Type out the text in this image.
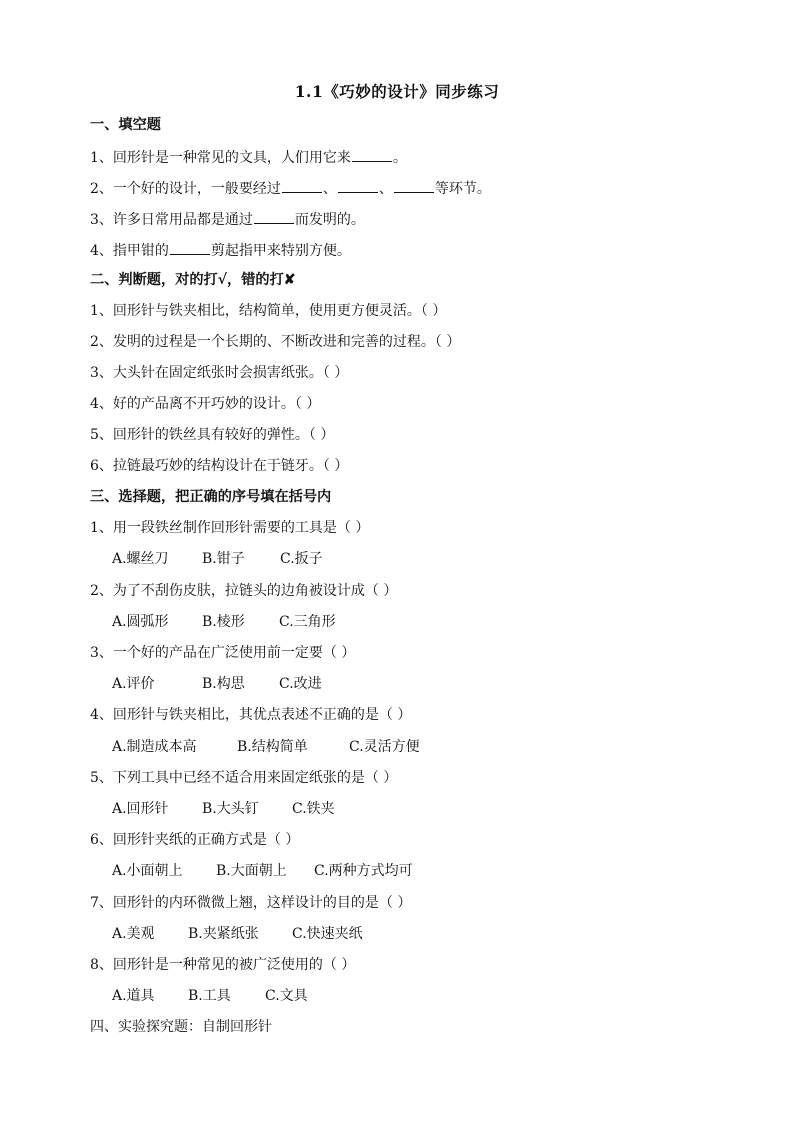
1.1《巧妙的设计》同步练习
一、填空题
1、回形针是一种常见的文具，人们用它来	。
2、一个好的设计，一般要经过	、	、	等环节。
3、许多日常用品都是通过	而发明的。
4、指甲钳的	剪起指甲来特别方便。
二、判断题，对的打√，错的打✘
1、回形针与铁夹相比，结构简单，使用更方便灵活。（ ）
2、发明的过程是一个长期的、不断改进和完善的过程。（ ）
3、大头针在固定纸张时会损害纸张。（ ）
4、好的产品离不开巧妙的设计。（ ）
5、回形针的铁丝具有较好的弹性。（ ）
6、拉链最巧妙的结构设计在于链牙。（ ）
三、选择题，把正确的序号填在括号内
1、用一段铁丝制作回形针需要的工具是（ ）
A.螺丝刀 B.钳子	C.扳子
2、为了不刮伤皮肤，拉链头的边角被设计成（ ）
A.圆弧形 B.棱形 C.三角形
3、一个好的产品在广泛使用前一定要（ ）
A.评价	B.构思 C.改进
4、回形针与铁夹相比，其优点表述不正确的是（ ）
A.制造成本高	B.结构简单	C.灵活方便
5、下列工具中已经不适合用来固定纸张的是（ ）
A.回形针 B.大头钉 C.铁夹
6、回形针夹纸的正确方式是（ ）
A.小面朝上 B.大面朝上 C.两种方式均可
7、回形针的内环微微上翘，这样设计的目的是（ ）
A.美观 B.夹紧纸张 C.快速夹纸
8、回形针是一种常见的被广泛使用的（ ）
A.道具 B.工具 C.文具
四、实验探究题：自制回形针
